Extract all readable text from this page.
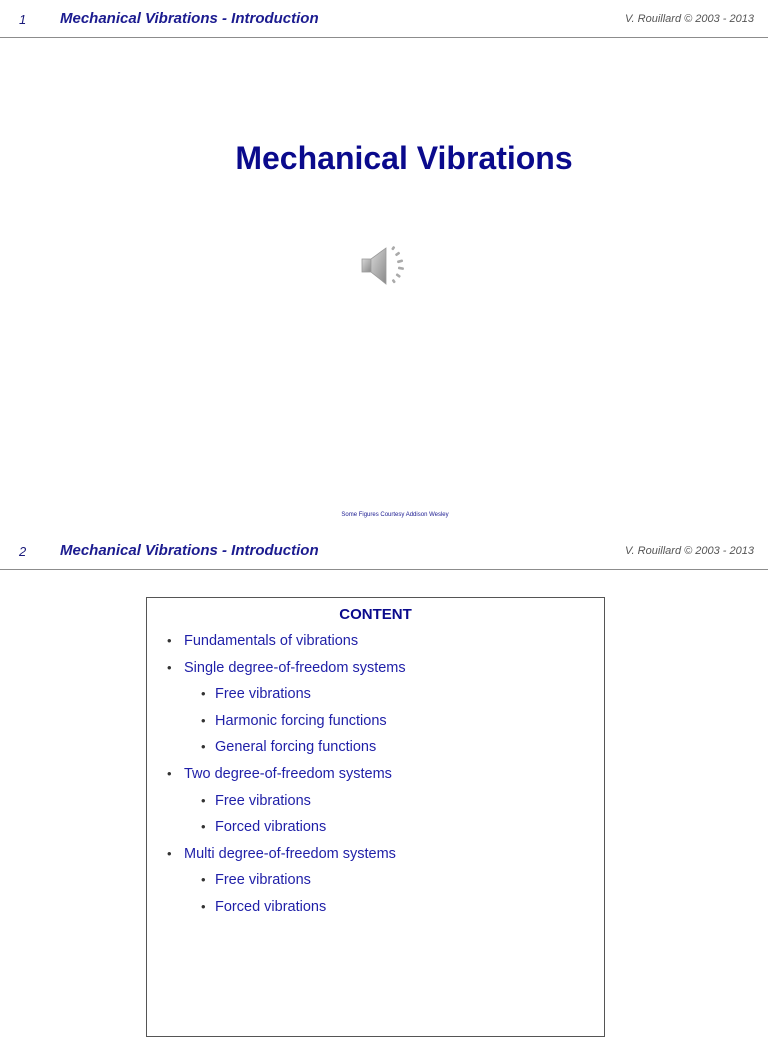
1 Mechanical Vibrations - Introduction	V. Rouillard © 2003 - 2013
Mechanical Vibrations
Some Figures Courtesy Addison Wesley
2 Mechanical Vibrations - Introduction	V. Rouillard © 2003 - 2013
CONTENT
• Fundamentals of vibrations
• Single degree-of-freedom systems
• Free vibrations
• Harmonic forcing functions
• General forcing functions
• Two degree-of-freedom systems
• Free vibrations
• Forced vibrations
• Multi degree-of-freedom systems
• Free vibrations
• Forced vibrations
